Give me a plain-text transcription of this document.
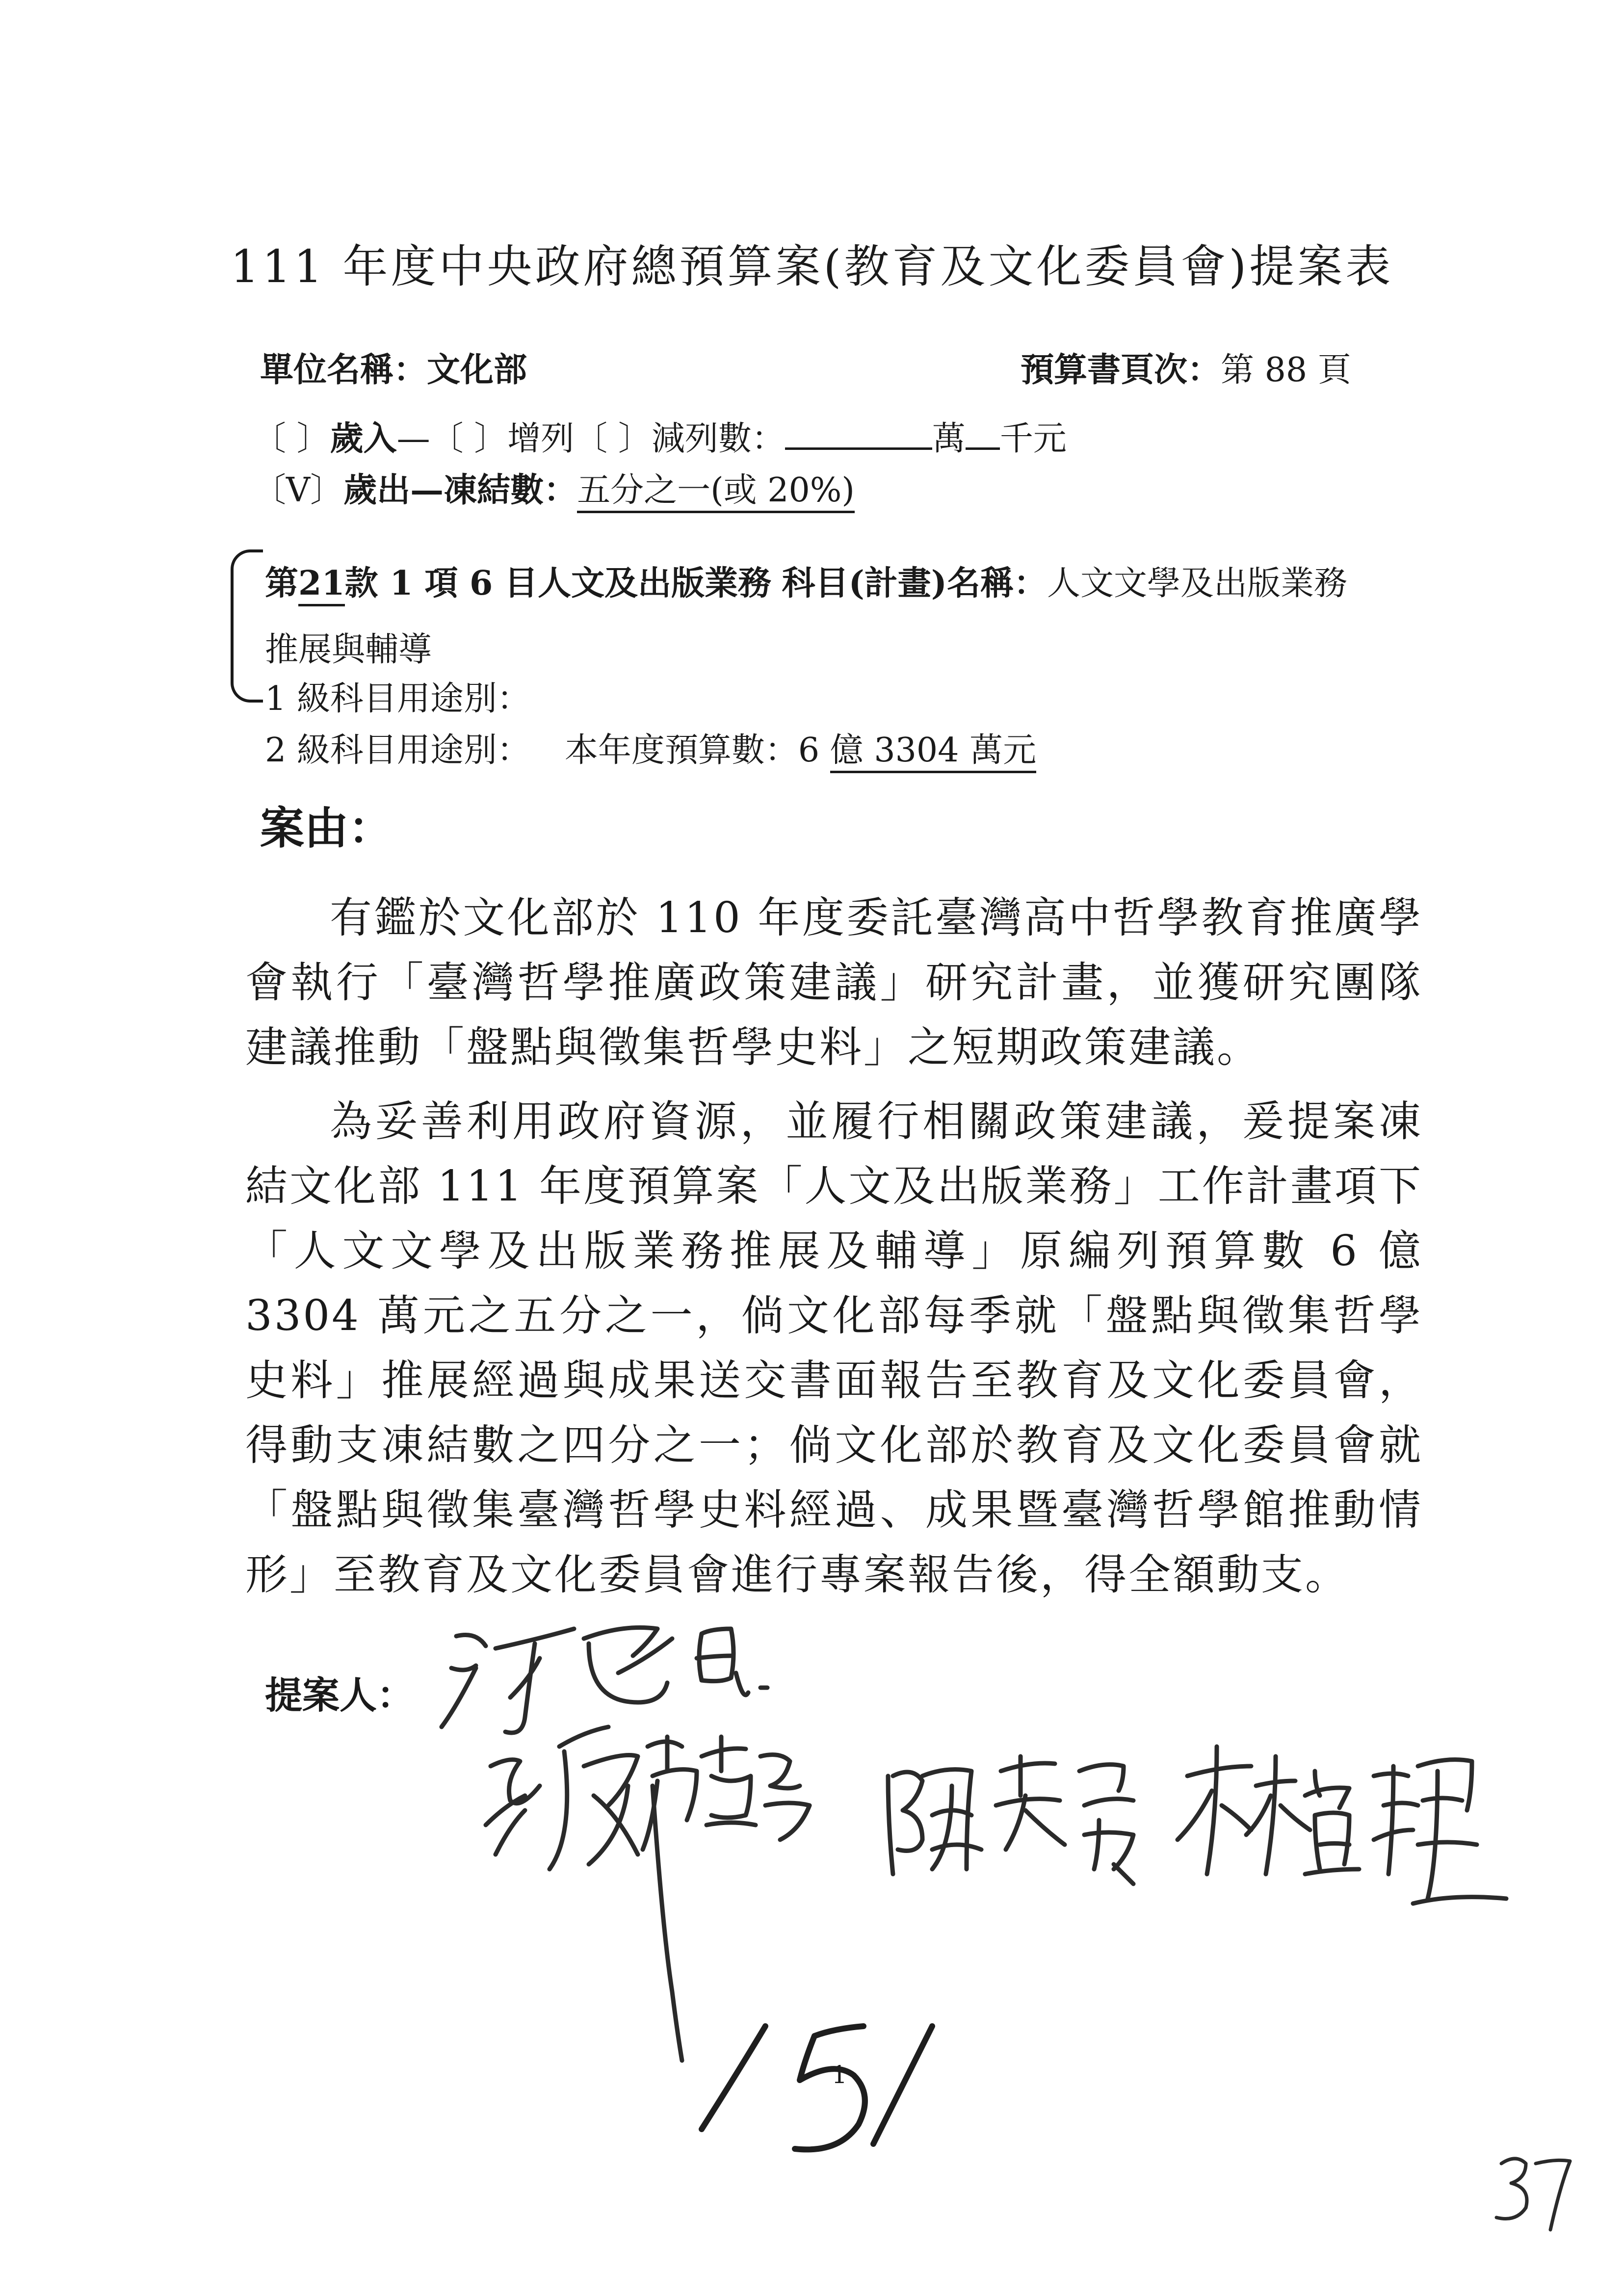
111 年度中央政府總預算案(教育及文化委員會)提案表
單位名稱：文化部	預算書頁次：第 88 頁
〔 〕歲入—〔 〕增列〔 〕減列數：	萬 千元
〔V〕歲出—凍結數：五分之一(或 20%)
第21款 1 項 6 目人文及出版業務 科目(計畫)名稱：人文文學及出版業務
推展與輔導
1 級科目用途別：
2 級科目用途別： 本年度預算數：6 億 3304 萬元
案由：
有鑑於文化部於 110 年度委託臺灣高中哲學教育推廣學會執行「臺灣哲學推廣政策建議」研究計畫，並獲研究團隊建議推動「盤點與徵集哲學史料」之短期政策建議。
為妥善利用政府資源，並履行相關政策建議，爰提案凍結文化部 111 年度預算案「人文及出版業務」工作計畫項下「人文文學及出版業務推展及輔導」原編列預算數 6 億 3304 萬元之五分之一，倘文化部每季就「盤點與徵集哲學史料」推展經過與成果送交書面報告至教育及文化委員會，得動支凍結數之四分之一；倘文化部於教育及文化委員會就「盤點與徵集臺灣哲學史料經過、成果暨臺灣哲學館推動情形」至教育及文化委員會進行專案報告後，得全額動支。
提案人：
1
